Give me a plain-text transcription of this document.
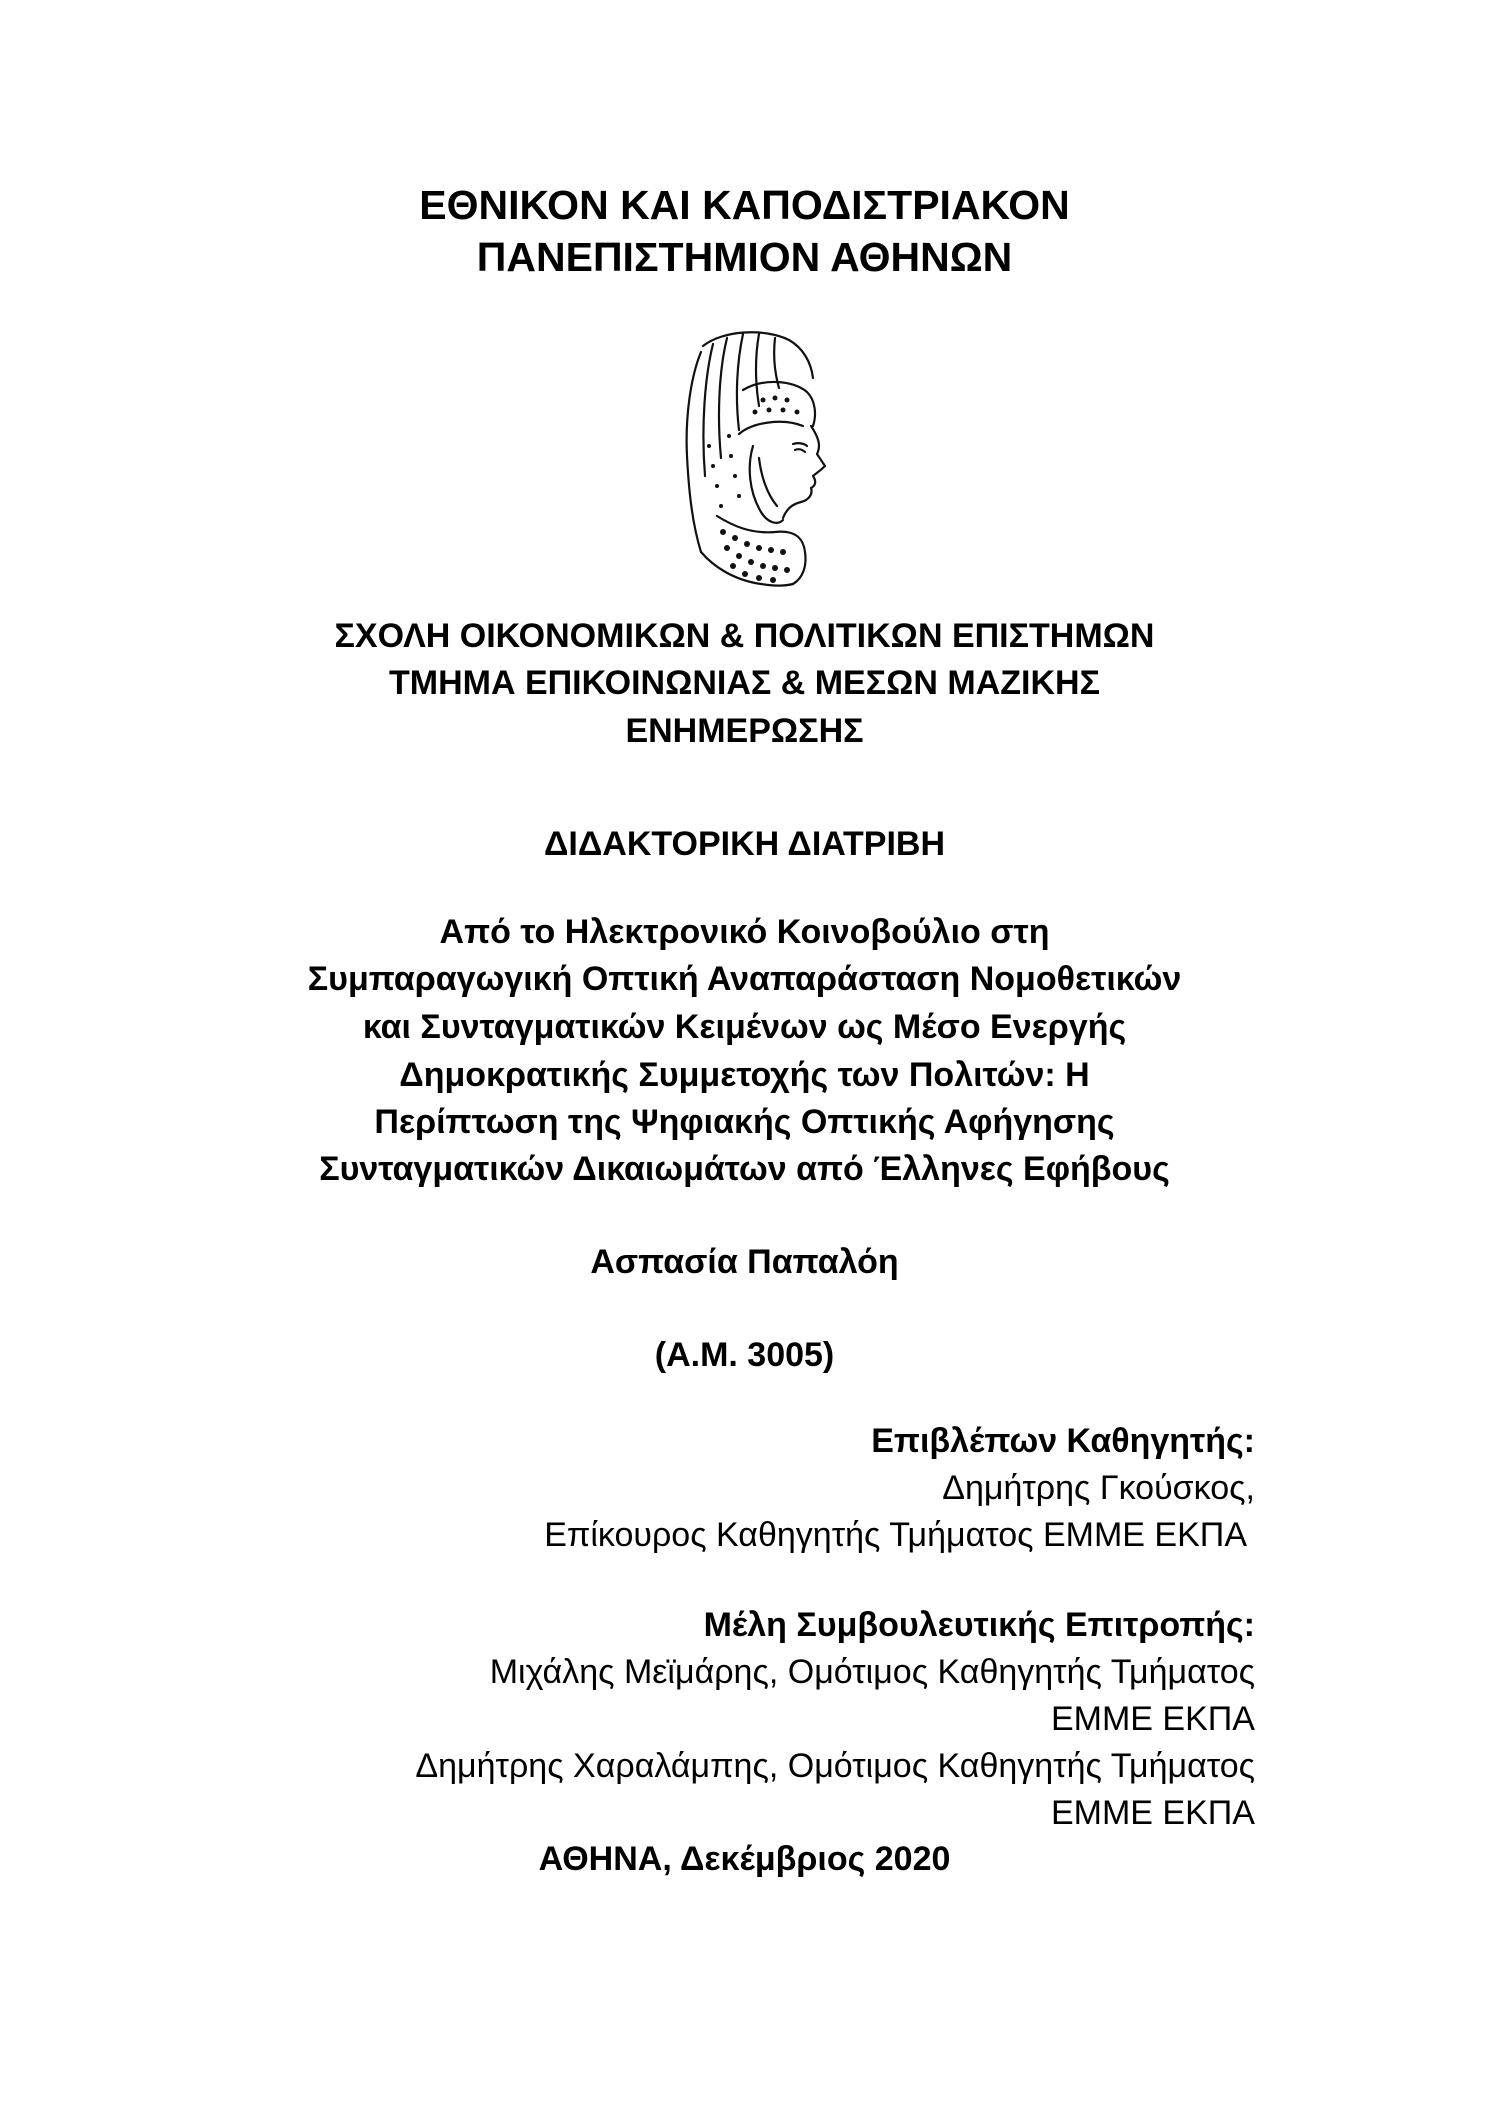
ΕΘΝΙΚΟΝ ΚΑΙ ΚΑΠΟΔΙΣΤΡΙΑΚΟΝ
ΠΑΝΕΠΙΣΤΗΜΙΟΝ ΑΘΗΝΩΝ
ΣΧΟΛΗ ΟΙΚΟΝΟΜΙΚΩΝ & ΠΟΛΙΤΙΚΩΝ ΕΠΙΣΤΗΜΩΝ
ΤΜΗΜΑ ΕΠΙΚΟΙΝΩΝΙΑΣ & ΜΕΣΩΝ ΜΑΖΙΚΗΣ
ΕΝΗΜΕΡΩΣΗΣ
ΔΙΔΑΚΤΟΡΙΚΗ ΔΙΑΤΡΙΒΗ
Από το Ηλεκτρονικό Κοινοβούλιο στη
Συμπαραγωγική Οπτική Αναπαράσταση Νομοθετικών
και Συνταγματικών Κειμένων ως Μέσο Ενεργής
Δημοκρατικής Συμμετοχής των Πολιτών: Η
Περίπτωση της Ψηφιακής Οπτικής Αφήγησης
Συνταγματικών Δικαιωμάτων από Έλληνες Εφήβους
Ασπασία Παπαλόη
(Α.Μ. 3005)
Επιβλέπων Καθηγητής:
Δημήτρης Γκούσκος,
Επίκουρος Καθηγητής Τμήματος ΕΜΜΕ ΕΚΠΑ
Μέλη Συμβουλευτικής Επιτροπής:
Μιχάλης Μεϊμάρης, Ομότιμος Καθηγητής Τμήματος
ΕΜΜΕ ΕΚΠΑ
Δημήτρης Χαραλάμπης, Ομότιμος Καθηγητής Τμήματος
ΕΜΜΕ ΕΚΠΑ
ΑΘΗΝΑ, Δεκέμβριος 2020
